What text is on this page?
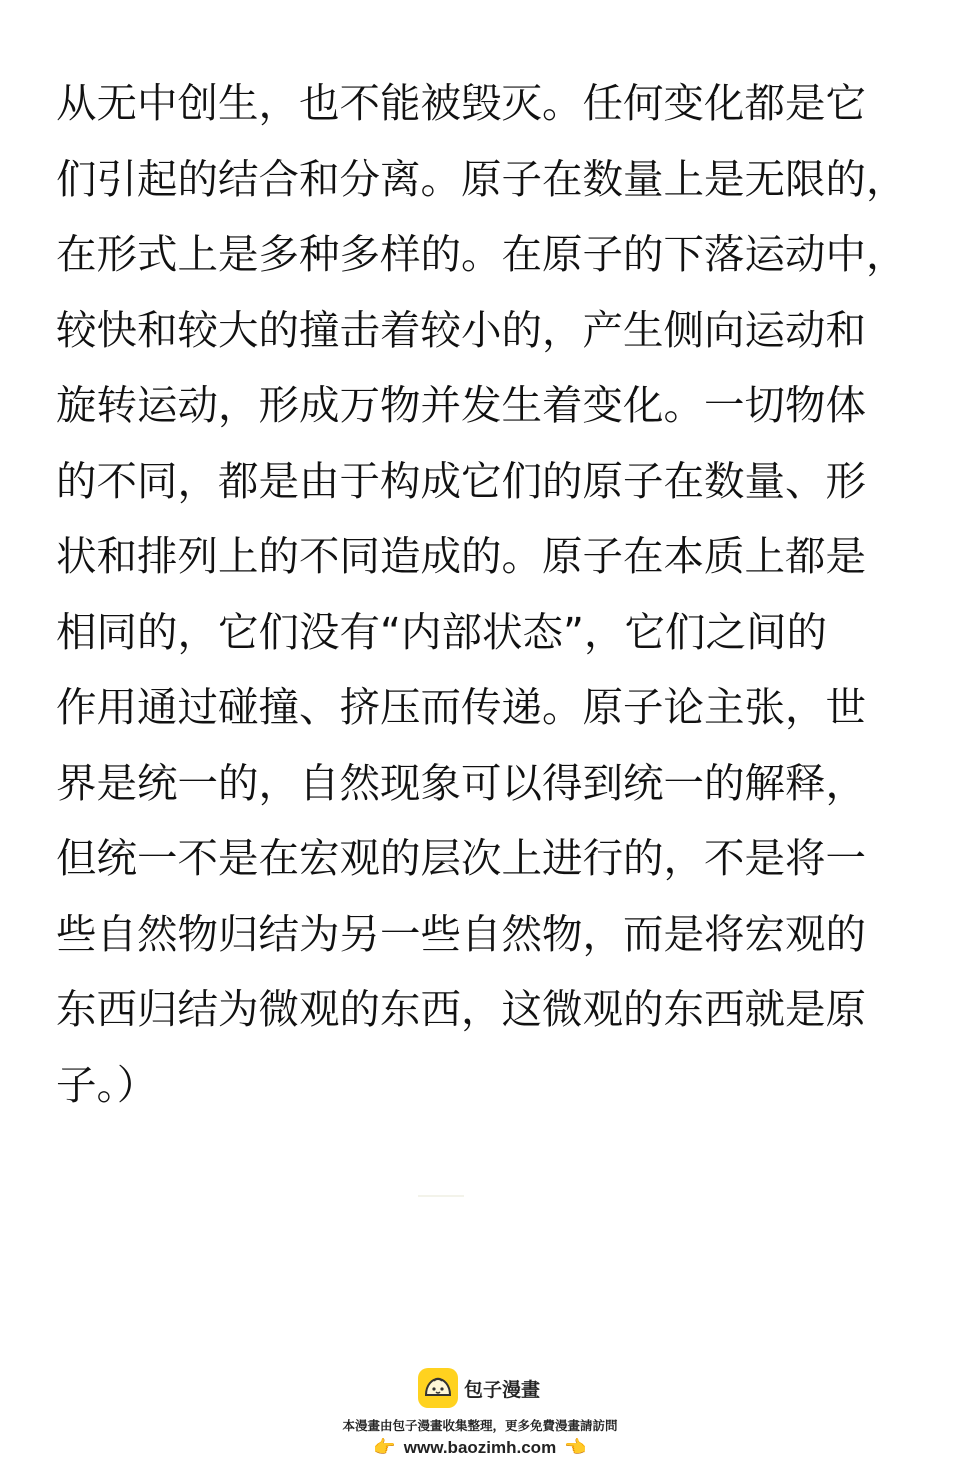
从无中创生，也不能被毁灭。任何变化都是它
们引起的结合和分离。原子在数量上是无限的，
在形式上是多种多样的。在原子的下落运动中，
较快和较大的撞击着较小的，产生侧向运动和
旋转运动，形成万物并发生着变化。一切物体
的不同，都是由于构成它们的原子在数量、形
状和排列上的不同造成的。原子在本质上都是
相同的，它们没有“内部状态”，它们之间的
作用通过碰撞、挤压而传递。原子论主张，世
界是统一的，自然现象可以得到统一的解释，
但统一不是在宏观的层次上进行的，不是将一
些自然物归结为另一些自然物，而是将宏观的
东西归结为微观的东西，这微观的东西就是原
子。）
包子漫畫
本漫畫由包子漫畫收集整理，更多免費漫畫請訪問
👉 www.baozimh.com 👈
